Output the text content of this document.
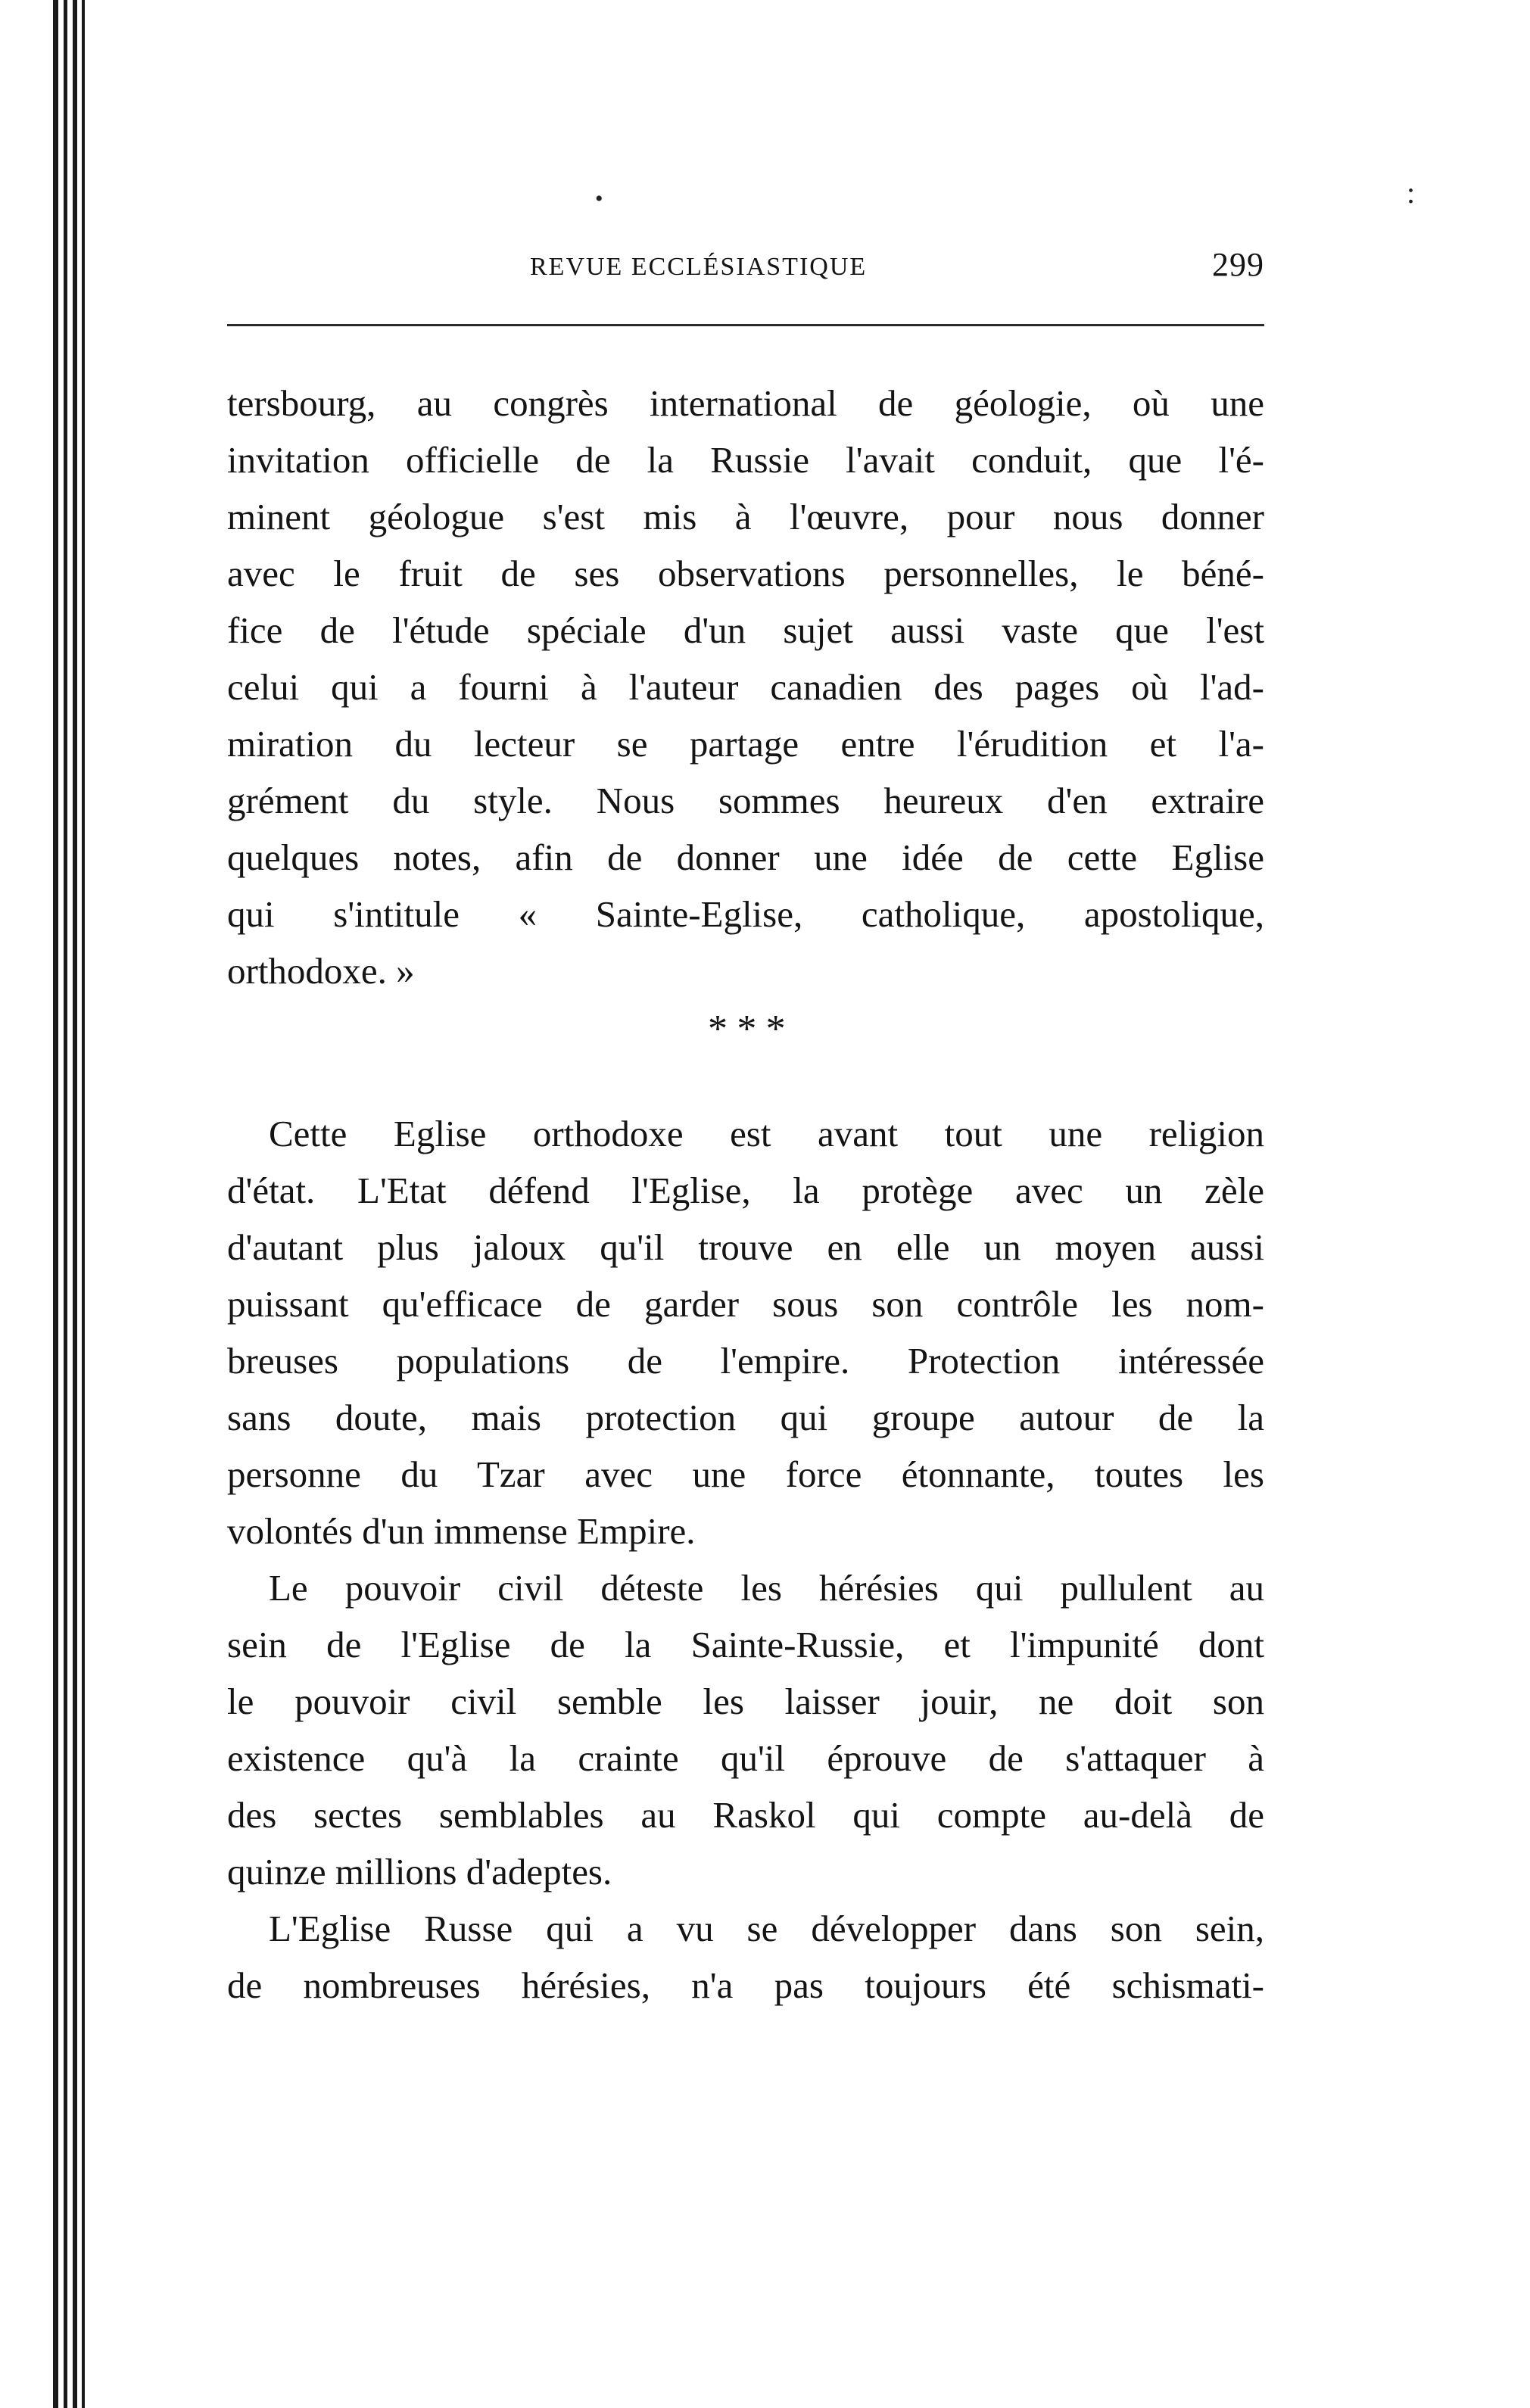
•	:
REVUE ECCLÉSIASTIQUE	299
tersbourg, au congrès international de géologie, où une
invitation officielle de la Russie l'avait conduit, que l'é-
minent géologue s'est mis à l'œuvre, pour nous donner
avec le fruit de ses observations personnelles, le béné-
fice de l'étude spéciale d'un sujet aussi vaste que l'est
celui qui a fourni à l'auteur canadien des pages où l'ad-
miration du lecteur se partage entre l'érudition et l'a-
grément du style. Nous sommes heureux d'en extraire
quelques notes, afin de donner une idée de cette Eglise
qui s'intitule « Sainte-Eglise, catholique, apostolique,
orthodoxe. »
* * *
Cette Eglise orthodoxe est avant tout une religion
d'état. L'Etat défend l'Eglise, la protège avec un zèle
d'autant plus jaloux qu'il trouve en elle un moyen aussi
puissant qu'efficace de garder sous son contrôle les nom-
breuses populations de l'empire. Protection intéressée
sans doute, mais protection qui groupe autour de la
personne du Tzar avec une force étonnante, toutes les
volontés d'un immense Empire.
Le pouvoir civil déteste les hérésies qui pullulent au
sein de l'Eglise de la Sainte-Russie, et l'impunité dont
le pouvoir civil semble les laisser jouir, ne doit son
existence qu'à la crainte qu'il éprouve de s'attaquer à
des sectes semblables au Raskol qui compte au-delà de
quinze millions d'adeptes.
L'Eglise Russe qui a vu se développer dans son sein,
de nombreuses hérésies, n'a pas toujours été schismati-
